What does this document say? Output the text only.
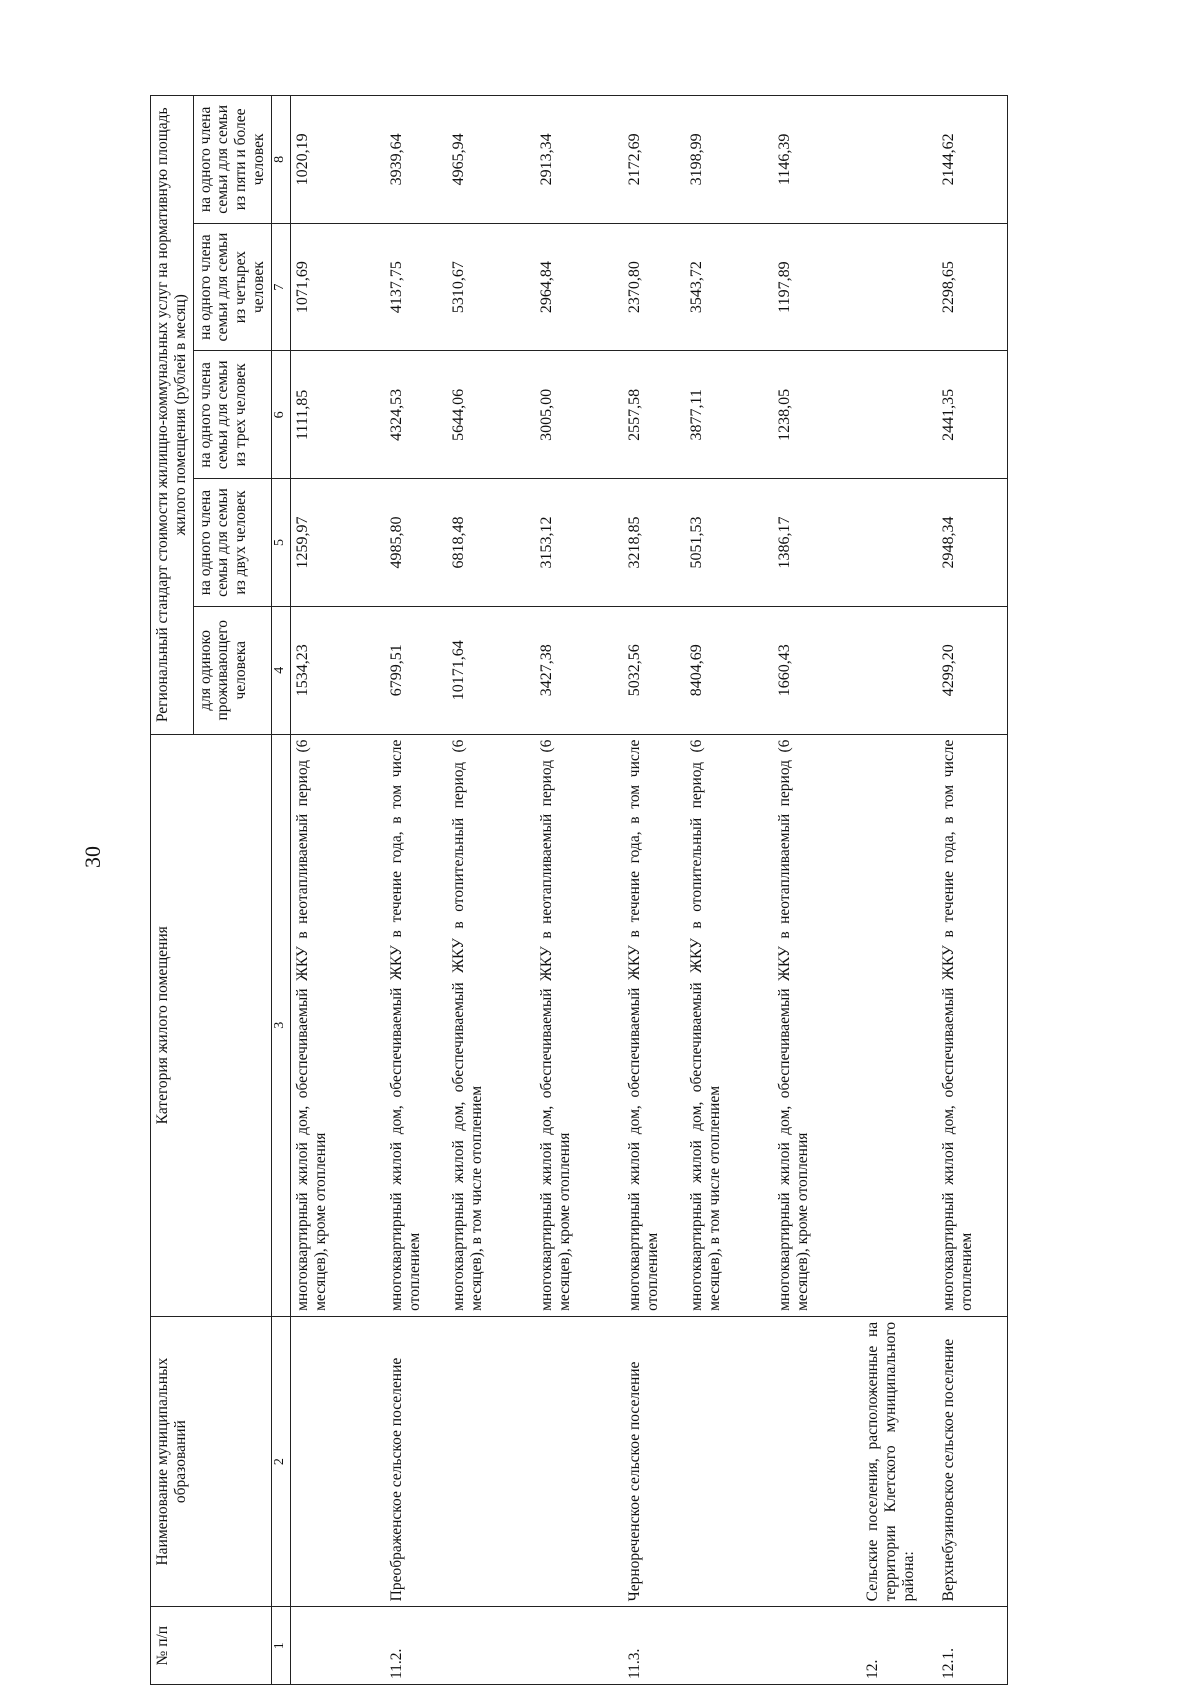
30
№ п/п	Наименование муниципальных образований	Категория жилого помещения	Региональный стандарт стоимости жилищно-коммунальных услуг на нормативную площадь жилого помещения (рублей в месяц)				
			для одиноко проживающего человека	на одного члена семьи для семьи из двух человек	на одного члена семьи для семьи из трех человек	на одного члена семьи для семьи из четырех человек	на одного члена семьи для семьи из пяти и более человек
1	2	3	4	5	6	7	8
		многоквартирный жилой дом, обеспечиваемый ЖКУ в неотапливаемый период (6 месяцев), кроме отопления	1534,23	1259,97	1111,85	1071,69	1020,19
11.2.	Преображенское сельское поселение	многоквартирный жилой дом, обеспечиваемый ЖКУ в течение года, в том числе отоплением	6799,51	4985,80	4324,53	4137,75	3939,64
		многоквартирный жилой дом, обеспечиваемый ЖКУ в отопительный период (6 месяцев), в том числе отоплением	10171,64	6818,48	5644,06	5310,67	4965,94
		многоквартирный жилой дом, обеспечиваемый ЖКУ в неотапливаемый период (6 месяцев), кроме отопления	3427,38	3153,12	3005,00	2964,84	2913,34
11.3.	Чернореченское сельское поселение	многоквартирный жилой дом, обеспечиваемый ЖКУ в течение года, в том числе отоплением	5032,56	3218,85	2557,58	2370,80	2172,69
		многоквартирный жилой дом, обеспечиваемый ЖКУ в отопительный период (6 месяцев), в том числе отоплением	8404,69	5051,53	3877,11	3543,72	3198,99
		многоквартирный жилой дом, обеспечиваемый ЖКУ в неотапливаемый период (6 месяцев), кроме отопления	1660,43	1386,17	1238,05	1197,89	1146,39
12.	Сельские поселения, расположенные на территории Клетского муниципального района:						
12.1.	Верхнебузиновское сельское поселение	многоквартирный жилой дом, обеспечиваемый ЖКУ в течение года, в том числе отоплением	4299,20	2948,34	2441,35	2298,65	2144,62
